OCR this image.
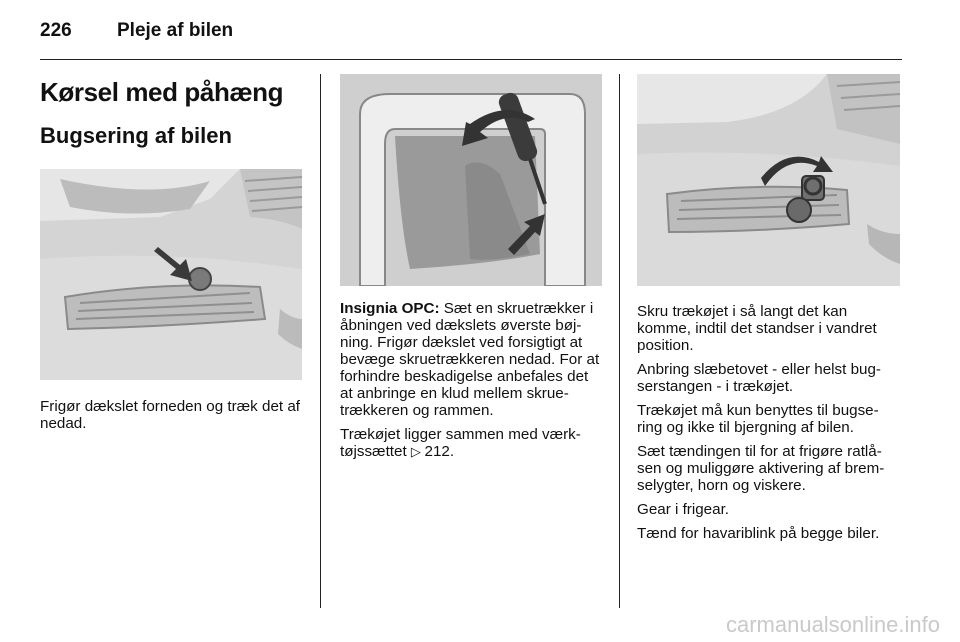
226 Pleje af bilen
Kørsel med påhæng
Bugsering af bilen

Frigør dækslet forneden og træk det af nedad.

Insignia OPC: Sæt en skruetrækker i åbningen ved dækslets øverste bøj- ning. Frigør dækslet ved forsigtigt at bevæge skruetrækkeren nedad. For at forhindre beskadigelse anbefales det at anbringe en klud mellem skrue- trækkeren og rammen.

Trækøjet ligger sammen med værk- tøjssættet ▷ 212.

Skru trækøjet i så langt det kan komme, indtil det standser i vandret position.

Anbring slæbetovet - eller helst bug- serstangen - i trækøjet.

Trækøjet må kun benyttes til bugse- ring og ikke til bjergning af bilen.

Sæt tændingen til for at frigøre ratlå- sen og muliggøre aktivering af brem- selygter, horn og viskere.

Gear i frigear.

Tænd for havariblink på begge biler.

carmanualsonline.info
